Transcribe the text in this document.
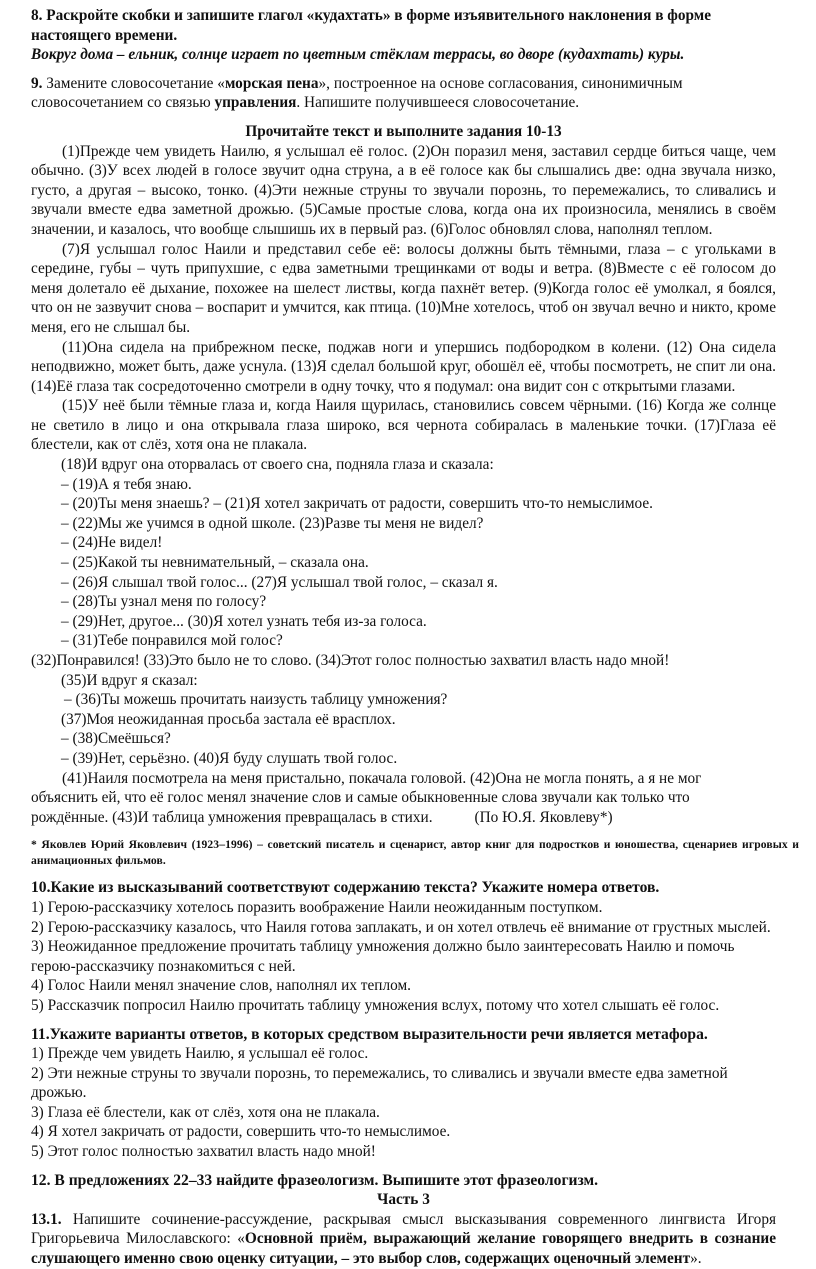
8. Раскройте скобки и запишите глагол «кудахтать» в форме изъявительного наклонения в форме настоящего времени.

Вокруг дома – ельник, солнце играет по цветным стёклам террасы, во дворе (кудахтать) куры.

9. Замените словосочетание «морская пена», построенное на основе согласования, синонимичным словосочетанием со связью управления. Напишите получившееся словосочетание.

Прочитайте текст и выполните задания 10-13

(1)Прежде чем увидеть Наилю, я услышал её голос. (2)Он поразил меня, заставил сердце биться чаще, чем обычно. (3)У всех людей в голосе звучит одна струна, а в её голосе как бы слышались две: одна звучала низко, густо, а другая – высоко, тонко. (4)Эти нежные струны то звучали порознь, то перемежались, то сливались и звучали вместе едва заметной дрожью. (5)Самые простые слова, когда она их произносила, менялись в своём значении, и казалось, что вообще слышишь их в первый раз. (6)Голос обновлял слова, наполнял теплом.

(7)Я услышал голос Наили и представил себе её: волосы должны быть тёмными, глаза – с угольками в середине, губы – чуть припухшие, с едва заметными трещинками от воды и ветра. (8)Вместе с её голосом до меня долетало её дыхание, похожее на шелест листвы, когда пахнёт ветер. (9)Когда голос её умолкал, я боялся, что он не зазвучит снова – воспарит и умчится, как птица. (10)Мне хотелось, чтоб он звучал вечно и никто, кроме меня, его не слышал бы.

(11)Она сидела на прибрежном песке, поджав ноги и упершись подбородком в колени. (12) Она сидела неподвижно, может быть, даже уснула. (13)Я сделал большой круг, обошёл её, чтобы посмотреть, не спит ли она. (14)Её глаза так сосредоточенно смотрели в одну точку, что я подумал: она видит сон с открытыми глазами.

(15)У неё были тёмные глаза и, когда Наиля щурилась, становились совсем чёрными. (16) Когда же солнце не светило в лицо и она открывала глаза широко, вся чернота собиралась в маленькие точки. (17)Глаза её блестели, как от слёз, хотя она не плакала.

(18)И вдруг она оторвалась от своего сна, подняла глаза и сказала:

– (19)А я тебя знаю.

– (20)Ты меня знаешь? – (21)Я хотел закричать от радости, совершить что-то немыслимое.

– (22)Мы же учимся в одной школе. (23)Разве ты меня не видел?

– (24)Не видел!

– (25)Какой ты невнимательный, – сказала она.

– (26)Я слышал твой голос... (27)Я услышал твой голос, – сказал я.

– (28)Ты узнал меня по голосу?

– (29)Нет, другое... (30)Я хотел узнать тебя из-за голоса.

– (31)Тебе понравился мой голос?

(32)Понравился! (33)Это было не то слово. (34)Этот голос полностью захватил власть надо мной!

(35)И вдруг я сказал:

– (36)Ты можешь прочитать наизусть таблицу умножения?

(37)Моя неожиданная просьба застала её врасплох.

– (38)Смеёшься?

– (39)Нет, серьёзно. (40)Я буду слушать твой голос.

(41)Наиля посмотрела на меня пристально, покачала головой. (42)Она не могла понять, а я не мог объяснить ей, что её голос менял значение слов и самые обыкновенные слова звучали как только что рождённые. (43)И таблица умножения превращалась в стихи.	(По Ю.Я. Яковлеву*)

* Яковлев Юрий Яковлевич (1923–1996) – советский писатель и сценарист, автор книг для подростков и юношества, сценариев игровых и анимационных фильмов.

10.Какие из высказываний соответствуют содержанию текста? Укажите номера ответов.

1) Герою-рассказчику хотелось поразить воображение Наили неожиданным поступком.

2) Герою-рассказчику казалось, что Наиля готова заплакать, и он хотел отвлечь её внимание от грустных мыслей.

3) Неожиданное предложение прочитать таблицу умножения должно было заинтересовать Наилю и помочь герою-рассказчику познакомиться с ней.

4) Голос Наили менял значение слов, наполнял их теплом.

5) Рассказчик попросил Наилю прочитать таблицу умножения вслух, потому что хотел слышать её голос.

11.Укажите варианты ответов, в которых средством выразительности речи является метафора.

1) Прежде чем увидеть Наилю, я услышал её голос.

2) Эти нежные струны то звучали порознь, то перемежались, то сливались и звучали вместе едва заметной дрожью.

3) Глаза её блестели, как от слёз, хотя она не плакала.

4) Я хотел закричать от радости, совершить что-то немыслимое.

5) Этот голос полностью захватил власть надо мной!

12. В предложениях 22–33 найдите фразеологизм. Выпишите этот фразеологизм.

Часть 3

13.1. Напишите сочинение-рассуждение, раскрывая смысл высказывания современного лингвиста Игоря Григорьевича Милославского: «Основной приём, выражающий желание говорящего внедрить в сознание слушающего именно свою оценку ситуации, – это выбор слов, содержащих оценочный элемент».
